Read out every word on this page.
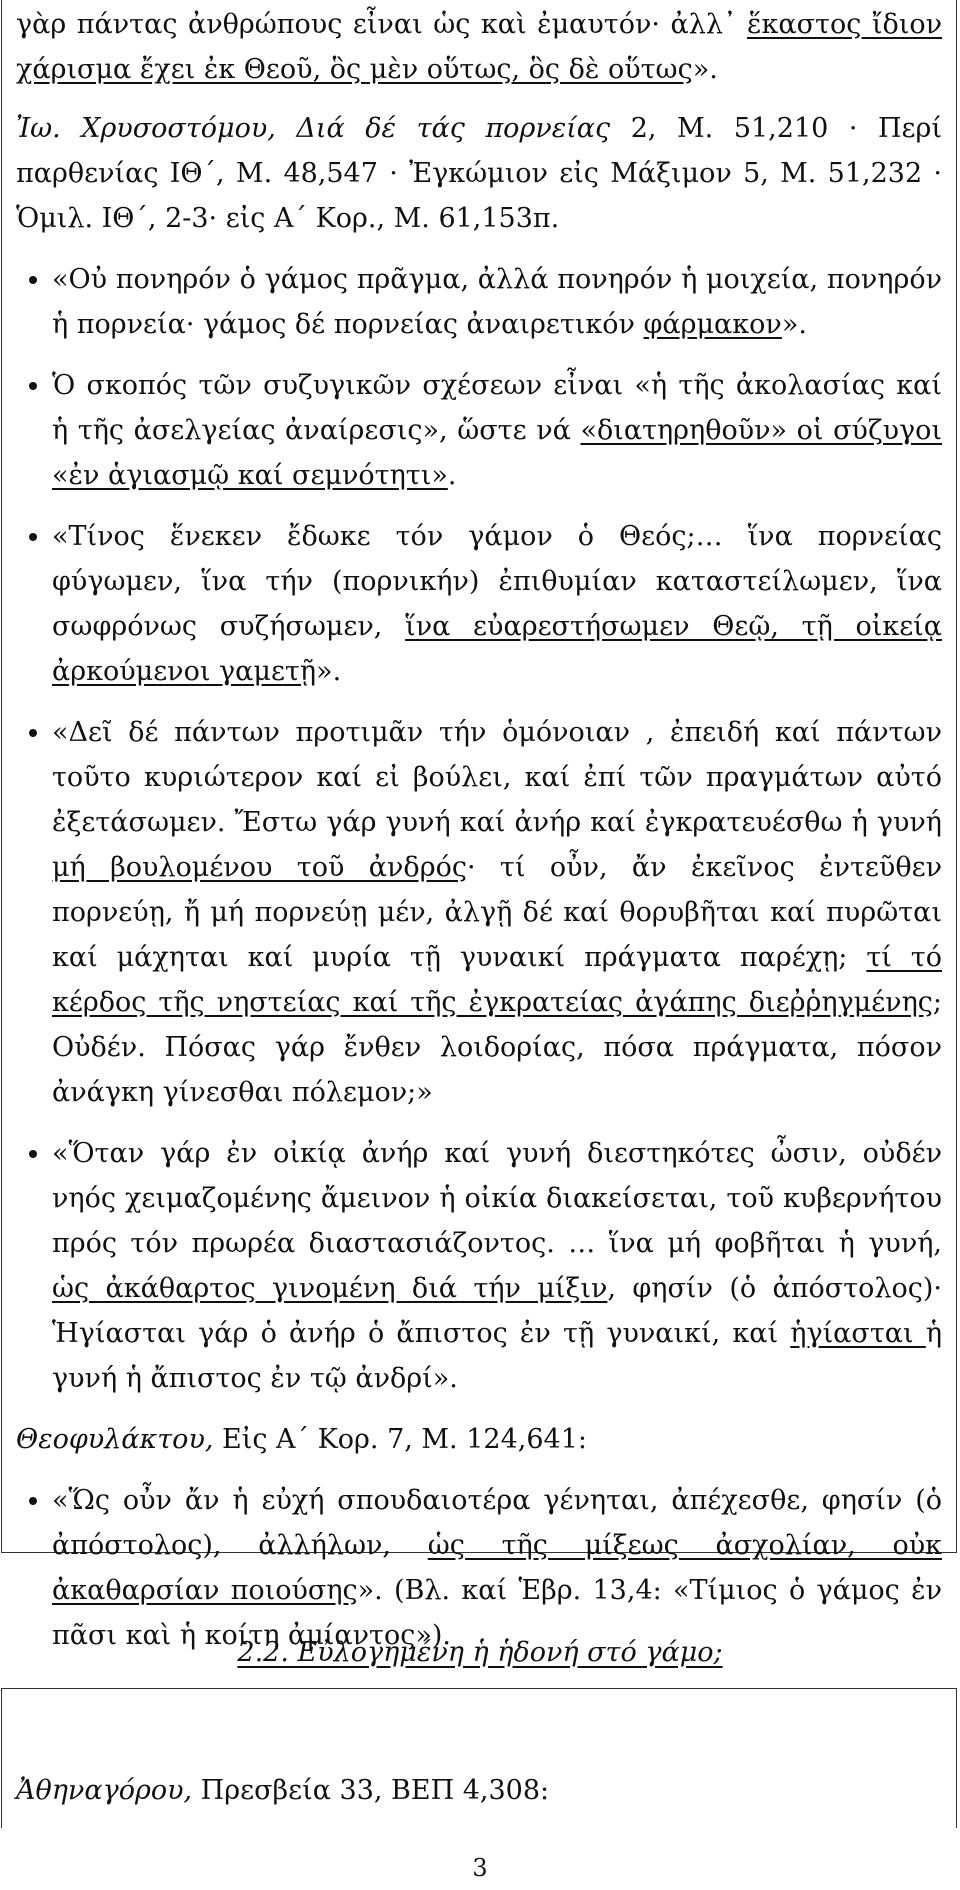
γὰρ πάντας ἀνθρώπους εἶναι ὡς καὶ ἐμαυτόν· ἀλλ᾿ ἕκαστος ἴδιον χάρισμα ἔχει ἐκ Θεοῦ, ὃς μὲν οὕτως, ὃς δὲ οὕτως».

Ἰω. Χρυσοστόμου, Διά δέ τάς πορνείας 2, Μ. 51,210 · Περί παρθενίας ΙΘ΄, Μ. 48,547 · Ἐγκώμιον εἰς Μάξιμον 5, Μ. 51,232 · Ὁμιλ. ΙΘ΄, 2-3· εἰς Α΄ Κορ., Μ. 61,153π.

• «Οὐ πονηρόν ὁ γάμος πρᾶγμα, ἀλλά πονηρόν ἡ μοιχεία, πονηρόν ἡ πορνεία· γάμος δέ πορνείας ἀναιρετικόν φάρμακον».
• Ὁ σκοπός τῶν συζυγικῶν σχέσεων εἶναι «ἡ τῆς ἀκολασίας καί ἡ τῆς ἀσελγείας ἀναίρεσις», ὥστε νά «διατηρηθοῦν» οἱ σύζυγοι «ἐν ἁγιασμῷ καί σεμνότητι».
• «Τίνος ἕνεκεν ἔδωκε τόν γάμον ὁ Θεός;… ἵνα πορνείας φύγωμεν, ἵνα τήν (πορνικήν) ἐπιθυμίαν καταστείλωμεν, ἵνα σωφρόνως συζήσωμεν, ἵνα εὐαρεστήσωμεν Θεῷ, τῇ οἰκείᾳ ἀρκούμενοι γαμετῇ».
• «Δεῖ δέ πάντων προτιμᾶν τήν ὁμόνοιαν , ἐπειδή καί πάντων τοῦτο κυριώτερον καί εἰ βούλει, καί ἐπί τῶν πραγμάτων αὐτό ἐξετάσωμεν. Ἔστω γάρ γυνή καί ἀνήρ καί ἐγκρατευέσθω ἡ γυνή μή βουλομένου τοῦ ἀνδρός· τί οὖν, ἄν ἐκεῖνος ἐντεῦθεν πορνεύῃ, ἤ μή πορνεύῃ μέν, ἀλγῇ δέ καί θορυβῆται καί πυρῶται καί μάχηται καί μυρία τῇ γυναικί πράγματα παρέχῃ; τί τό κέρδος τῆς νηστείας καί τῆς ἐγκρατείας ἀγάπης διεῤῥηγμένης; Οὐδέν. Πόσας γάρ ἔνθεν λοιδορίας, πόσα πράγματα, πόσον ἀνάγκη γίνεσθαι πόλεμον;»
• «Ὅταν γάρ ἐν οἰκίᾳ ἀνήρ καί γυνή διεστηκότες ὦσιν, οὐδέν νηός χειμαζομένης ἄμεινον ἡ οἰκία διακείσεται, τοῦ κυβερνήτου πρός τόν πρωρέα διαστασιάζοντος. … ἵνα μή φοβῆται ἡ γυνή, ὡς ἀκάθαρτος γινομένη διά τήν μίξιν, φησίν (ὁ ἀπόστολος)· Ἡγίασται γάρ ὁ ἀνήρ ὁ ἄπιστος ἐν τῇ γυναικί, καί ἡγίασται ἡ γυνή ἡ ἄπιστος ἐν τῷ ἀνδρί».

Θεοφυλάκτου, Εἰς Α΄ Κορ. 7, Μ. 124,641:

• «Ὥς οὖν ἄν ἡ εὐχή σπουδαιοτέρα γένηται, ἀπέχεσθε, φησίν (ὁ ἀπόστολος), ἀλλήλων, ὡς τῆς μίξεως ἀσχολίαν, οὐκ ἀκαθαρσίαν ποιούσης». (Βλ. καί Ἑβρ. 13,4: «Τίμιος ὁ γάμος ἐν πᾶσι καὶ ἡ κοίτη ἀμίαντος»).
2.2. Εὐλογημένη ἡ ἡδονή στό γάμο;
Ἀθηναγόρου, Πρεσβεία 33, ΒΕΠ 4,308:
3
